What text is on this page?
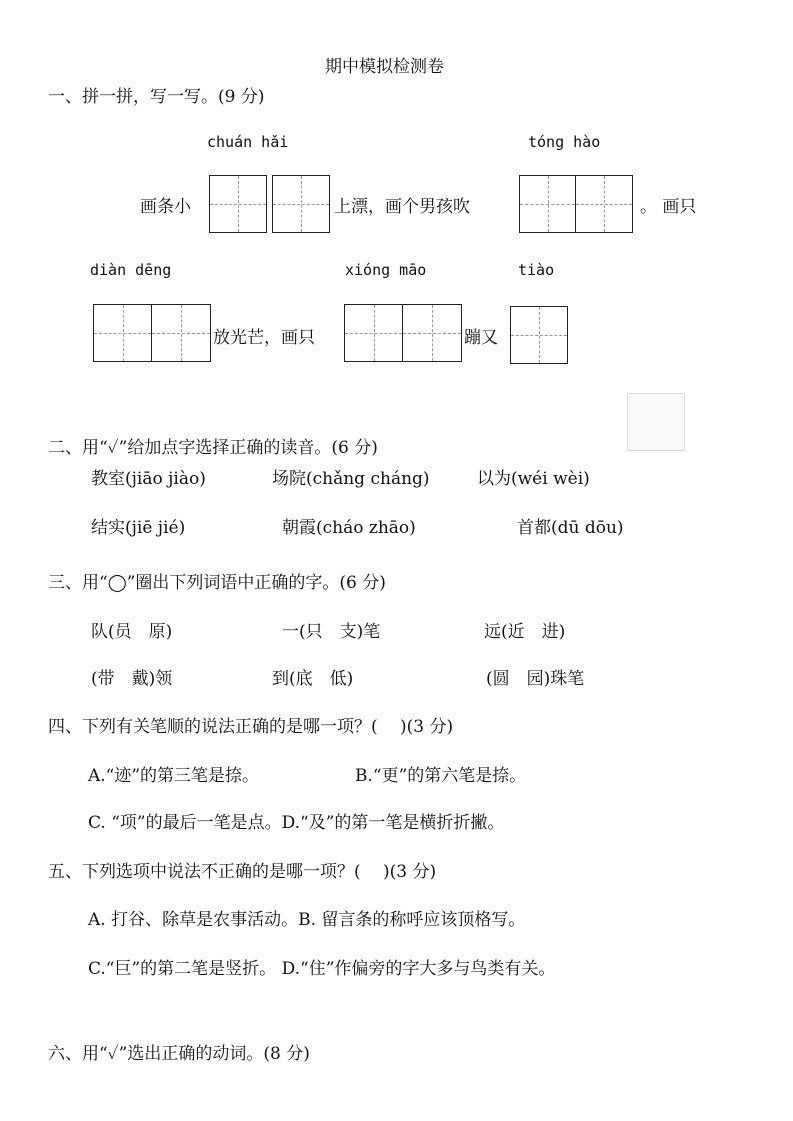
期中模拟检测卷
一、拼一拼，写一写。(9 分)
chuán hǎi	tóng hào
画条小	上漂，画个男孩吹	。 画只
diàn dēng	xióng māo	tiào
放光芒，画只	蹦又
二、用“✓”给加点字选择正确的读音。(6 分)
教室(jiāo jiào)	场院(chǎng cháng)	以为(wéi wèi)
结实(jiē jié)	朝霞(cháo zhāo)	首都(dū dōu)
三、用“◯”圈出下列词语中正确的字。(6 分)
队(员　原)	一(只　支)笔	远(近　进)
(带　戴)领	到(底　低)	(圆　园)珠笔
四、下列有关笔顺的说法正确的是哪一项？(　 )(3 分)
A.“迹”的第三笔是捺。	B.“更”的第六笔是捺。
C. “项”的最后一笔是点。D.“及”的第一笔是横折折撇。
五、下列选项中说法不正确的是哪一项？(　 )(3 分)
A. 打谷、除草是农事活动。B. 留言条的称呼应该顶格写。
C.“巨”的第二笔是竖折。 D.“住”作偏旁的字大多与鸟类有关。
六、用“✓”选出正确的动词。(8 分)
